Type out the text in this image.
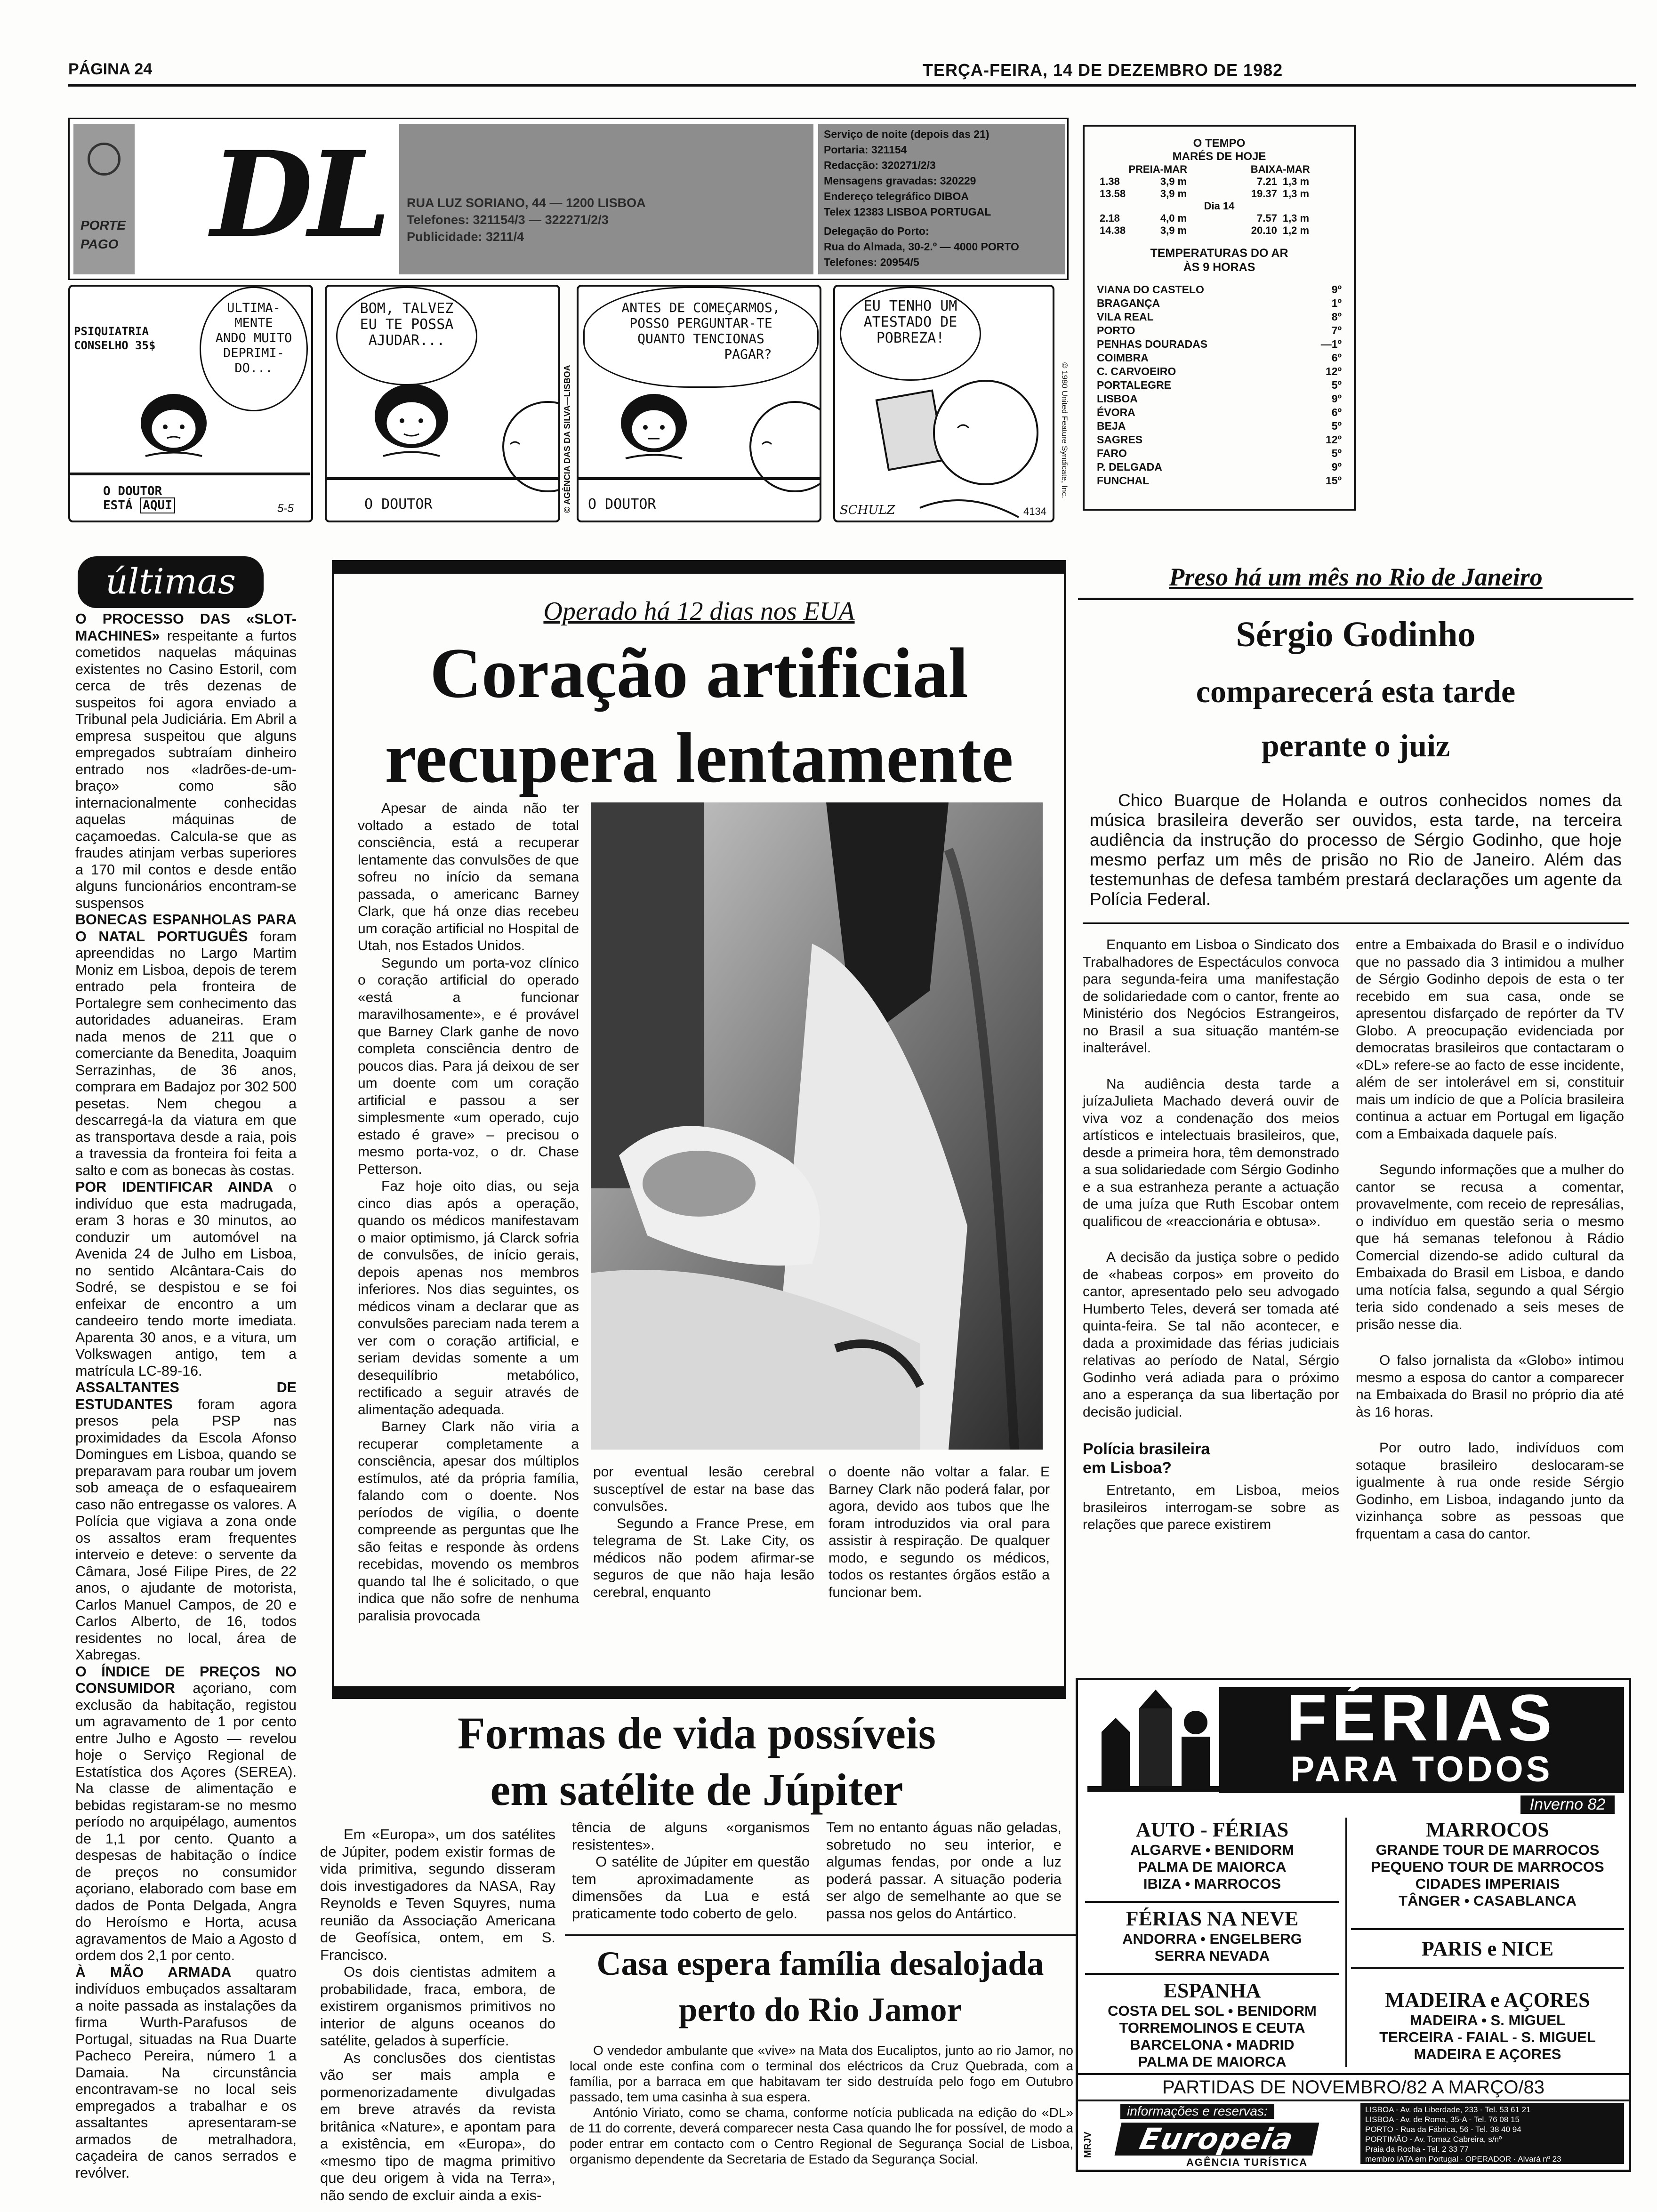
PÁGINA 24	TERÇA-FEIRA, 14 DE DEZEMBRO DE 1982
PORTE
PAGO DL RUA LUZ SORIANO, 44 — 1200 LISBOA
Telefones: 321154/3 — 322271/2/3
Publicidade: 3211/4
Serviço de noite (depois das 21)
Portaria: 321154
Redacção: 320271/2/3
Mensagens gravadas: 320229
Endereço telegráfico DIBOA
Telex 12383 LISBOA PORTUGAL
Delegação do Porto:
Rua do Almada, 30-2.º — 4000 PORTO
Telefones: 20954/5
O TEMPO
MARÉS DE HOJE
PREIA-MAR	BAIXA-MAR
1.38	3,9 m	7.21	1,3 m
13.58	3,9 m	19.37	1,3 m
Dia 14
2.18	4,0 m	7.57	1,3 m
14.38	3,9 m	20.10	1,2 m
TEMPERATURAS DO AR
ÀS 9 HORAS
VIANA DO CASTELO	9º
BRAGANÇA	1º
VILA REAL	8º
PORTO	7º
PENHAS DOURADAS	—1º
COIMBRA	6º
C. CARVOEIRO	12º
PORTALEGRE	5º
LISBOA	9º
ÉVORA	6º
BEJA	5º
SAGRES	12º
FARO	5º
P. DELGADA	9º
FUNCHAL	15º
PSIQUIATRIA
CONSELHO 35$
ULTIMA-
MENTE
ANDO MUITO
DEPRIMI-
DO...
O DOUTOR
ESTÁ AQUI	5-5
BOM, TALVEZ
EU TE POSSA
AJUDAR...
O DOUTOR	© AGÊNCIA DAS DA SILVA—LISBOA
ANTES DE COMEÇARMOS,
POSSO PERGUNTAR-TE
QUANTO TENCIONAS
PAGAR?
O DOUTOR
EU TENHO UM
ATESTADO DE
POBREZA!
SCHULZ	4134
© 1980 United Feature Syndicate, Inc.
últimas

O PROCESSO DAS «SLOT-MACHINES» respeitante a furtos cometidos naquelas máquinas existentes no Casino Estoril, com cerca de três dezenas de suspeitos foi agora enviado a Tribunal pela Judiciária. Em Abril a empresa suspeitou que alguns empregados subtraíam dinheiro entrado nos «ladrões-de-um-braço» como são internacionalmente conhecidas aquelas máquinas de caçamoedas. Calcula-se que as fraudes atinjam verbas superiores a 170 mil contos e desde então alguns funcionários encontram-se suspensos

BONECAS ESPANHOLAS PARA O NATAL PORTUGUÊS foram apreendidas no Largo Martim Moniz em Lisboa, depois de terem entrado pela fronteira de Portalegre sem conhecimento das autoridades aduaneiras. Eram nada menos de 211 que o comerciante da Benedita, Joaquim Serrazinhas, de 36 anos, comprara em Badajoz por 302 500 pesetas. Nem chegou a descarregá-la da viatura em que as transportava desde a raia, pois a travessia da fronteira foi feita a salto e com as bonecas às costas.

POR IDENTIFICAR AINDA o indivíduo que esta madrugada, eram 3 horas e 30 minutos, ao conduzir um automóvel na Avenida 24 de Julho em Lisboa, no sentido Alcântara-Cais do Sodré, se despistou e se foi enfeixar de encontro a um candeeiro tendo morte imediata. Aparenta 30 anos, e a vitura, um Volkswagen antigo, tem a matrícula LC-89-16.

ASSALTANTES DE ESTUDANTES foram agora presos pela PSP nas proximidades da Escola Afonso Domingues em Lisboa, quando se preparavam para roubar um jovem sob ameaça de o esfaqueairem caso não entregasse os valores. A Polícia que vigiava a zona onde os assaltos eram frequentes interveio e deteve: o servente da Câmara, José Filipe Pires, de 22 anos, o ajudante de motorista, Carlos Manuel Campos, de 20 e Carlos Alberto, de 16, todos residentes no local, área de Xabregas.

O ÍNDICE DE PREÇOS NO CONSUMIDOR açoriano, com exclusão da habitação, registou um agravamento de 1 por cento entre Julho e Agosto — revelou hoje o Serviço Regional de Estatística dos Açores (SEREA). Na classe de alimentação e bebidas registaram-se no mesmo período no arquipélago, aumentos de 1,1 por cento. Quanto a despesas de habitação o índice de preços no consumidor açoriano, elaborado com base em dados de Ponta Delgada, Angra do Heroísmo e Horta, acusa agravamentos de Maio a Agosto d ordem dos 2,1 por cento.

À MÃO ARMADA quatro indivíduos embuçados assaltaram a noite passada as instalações da firma Wurth-Parafusos de Portugal, situadas na Rua Duarte Pacheco Pereira, número 1 a Damaia. Na circunstância encontravam-se no local seis empregados a trabalhar e os assaltantes apresentaram-se armados de metralhadora, caçadeira de canos serrados e revólver.

Operado há 12 dias nos EUA
Coração artificial
recupera lentamente

Apesar de ainda não ter voltado a estado de total consciência, está a recuperar lentamente das convulsões de que sofreu no início da semana passada, o americanc Barney Clark, que há onze dias recebeu um coração artificial no Hospital de Utah, nos Estados Unidos.

Segundo um porta-voz clínico o coração artificial do operado «está a funcionar maravilhosamente», e é provável que Barney Clark ganhe de novo completa consciência dentro de poucos dias. Para já deixou de ser um doente com um coração artificial e passou a ser simplesmente «um operado, cujo estado é grave» – precisou o mesmo porta-voz, o dr. Chase Petterson.

Faz hoje oito dias, ou seja cinco dias após a operação, quando os médicos manifestavam o maior optimismo, já Clarck sofria de convulsões, de início gerais, depois apenas nos membros inferiores. Nos dias seguintes, os médicos vinam a declarar que as convulsões pareciam nada terem a ver com o coração artificial, e seriam devidas somente a um desequilíbrio metabólico, rectificado a seguir através de alimentação adequada.

Barney Clark não viria a recuperar completamente a consciência, apesar dos múltiplos estímulos, até da própria família, falando com o doente. Nos períodos de vigília, o doente compreende as perguntas que lhe são feitas e responde às ordens recebidas, movendo os membros quando tal lhe é solicitado, o que indica que não sofre de nenhuma paralisia provocada

por eventual lesão cerebral susceptível de estar na base das convulsões.

Segundo a France Prese, em telegrama de St. Lake City, os médicos não podem afirmar-se seguros de que não haja lesão cerebral, enquanto

o doente não voltar a falar. E Barney Clark não poderá falar, por agora, devido aos tubos que lhe foram introduzidos via oral para assistir à respiração. De qualquer modo, e segundo os médicos, todos os restantes órgãos estão a funcionar bem.

Preso há um mês no Rio de Janeiro
Sérgio Godinho
comparecerá esta tarde
perante o juiz

Chico Buarque de Holanda e outros conhecidos nomes da música brasileira deverão ser ouvidos, esta tarde, na terceira audiência da instrução do processo de Sérgio Godinho, que hoje mesmo perfaz um mês de prisão no Rio de Janeiro. Além das testemunhas de defesa também prestará declarações um agente da Polícia Federal.

Enquanto em Lisboa o Sindicato dos Trabalhadores de Espectáculos convoca para segunda-feira uma manifestação de solidariedade com o cantor, frente ao Ministério dos Negócios Estrangeiros, no Brasil a sua situação mantém-se inalterável.

Na audiência desta tarde a juízaJulieta Machado deverá ouvir de viva voz a condenação dos meios artísticos e intelectuais brasileiros, que, desde a primeira hora, têm demonstrado a sua solidariedade com Sérgio Godinho e a sua estranheza perante a actuação de uma juíza que Ruth Escobar ontem qualificou de «reaccionária e obtusa».

A decisão da justiça sobre o pedido de «habeas corpos» em proveito do cantor, apresentado pelo seu advogado Humberto Teles, deverá ser tomada até quinta-feira. Se tal não acontecer, e dada a proximidade das férias judiciais relativas ao período de Natal, Sérgio Godinho verá adiada para o próximo ano a esperança da sua libertação por decisão judicial.

Polícia brasileira em Lisboa?

Entretanto, em Lisboa, meios brasileiros interrogam-se sobre as relações que parece existirem

entre a Embaixada do Brasil e o indivíduo que no passado dia 3 intimidou a mulher de Sérgio Godinho depois de esta o ter recebido em sua casa, onde se apresentou disfarçado de repórter da TV Globo. A preocupação evidenciada por democratas brasileiros que contactaram o «DL» refere-se ao facto de esse incidente, além de ser intolerável em si, constituir mais um indício de que a Polícia brasileira continua a actuar em Portugal em ligação com a Embaixada daquele país.

Segundo informações que a mulher do cantor se recusa a comentar, provavelmente, com receio de represálias, o indivíduo em questão seria o mesmo que há semanas telefonou à Rádio Comercial dizendo-se adido cultural da Embaixada do Brasil em Lisboa, e dando uma notícia falsa, segundo a qual Sérgio teria sido condenado a seis meses de prisão nesse dia.

O falso jornalista da «Globo» intimou mesmo a esposa do cantor a comparecer na Embaixada do Brasil no próprio dia até às 16 horas.

Por outro lado, indivíduos com sotaque brasileiro deslocaram-se igualmente à rua onde reside Sérgio Godinho, em Lisboa, indagando junto da vizinhança sobre as pessoas que frquentam a casa do cantor.

Formas de vida possíveis
em satélite de Júpiter

Em «Europa», um dos satélites de Júpiter, podem existir formas de vida primitiva, segundo disseram dois investigadores da NASA, Ray Reynolds e Teven Squyres, numa reunião da Associação Americana de Geofísica, ontem, em S. Francisco.

Os dois cientistas admitem a probabilidade, fraca, embora, de existirem organismos primitivos no interior de alguns oceanos do satélite, gelados à superfície.

As conclusões dos cientistas vão ser mais ampla e pormenorizadamente divulgadas em breve através da revista britânica «Nature», e apontam para a existência, em «Europa», do «mesmo tipo de magma primitivo que deu origem à vida na Terra», não sendo de excluir ainda a exis-

tência de alguns «organismos resistentes».

O satélite de Júpiter em questão tem aproximadamente as dimensões da Lua e está praticamente todo coberto de gelo.

Tem no entanto águas não geladas, sobretudo no seu interior, e algumas fendas, por onde a luz poderá passar. A situação poderia ser algo de semelhante ao que se passa nos gelos do Antártico.

Casa espera família desalojada
perto do Rio Jamor

O vendedor ambulante que «vive» na Mata dos Eucaliptos, junto ao rio Jamor, no local onde este confina com o terminal dos eléctricos da Cruz Quebrada, com a família, por a barraca em que habitavam ter sido destruída pelo fogo em Outubro passado, tem uma casinha à sua espera.

António Viriato, como se chama, conforme notícia publicada na edição do «DL» de 11 do corrente, deverá comparecer nesta Casa quando lhe for possível, de modo a poder entrar em contacto com o Centro Regional de Segurança Social de Lisboa, organismo dependente da Secretaria de Estado da Segurança Social.

FÉRIAS
PARA TODOS
Inverno 82
AUTO - FÉRIAS
ALGARVE • BENIDORM
PALMA DE MAIORCA
IBIZA • MARROCOS
FÉRIAS NA NEVE
ANDORRA • ENGELBERG
SERRA NEVADA
ESPANHA
COSTA DEL SOL • BENIDORM
TORREMOLINOS E CEUTA
BARCELONA • MADRID
PALMA DE MAIORCA
MARROCOS
GRANDE TOUR DE MARROCOS
PEQUENO TOUR DE MARROCOS
CIDADES IMPERIAIS
TÂNGER • CASABLANCA
PARIS e NICE
MADEIRA e AÇORES
MADEIRA • S. MIGUEL
TERCEIRA - FAIAL - S. MIGUEL
MADEIRA E AÇORES
PARTIDAS DE NOVEMBRO/82 A MARÇO/83
MRJV
informações e reservas:
Europeia
AGÊNCIA TURÍSTICA
LISBOA - Av. da Liberdade, 233 - Tel. 53 61 21
LISBOA - Av. de Roma, 35-A - Tel. 76 08 15
PORTO - Rua da Fábrica, 56 - Tel. 38 40 94
PORTIMÃO - Av. Tomaz Cabreira, s/nº
Praia da Rocha - Tel. 2 33 77
membro IATA em Portugal · OPERADOR · Alvará nº 23
